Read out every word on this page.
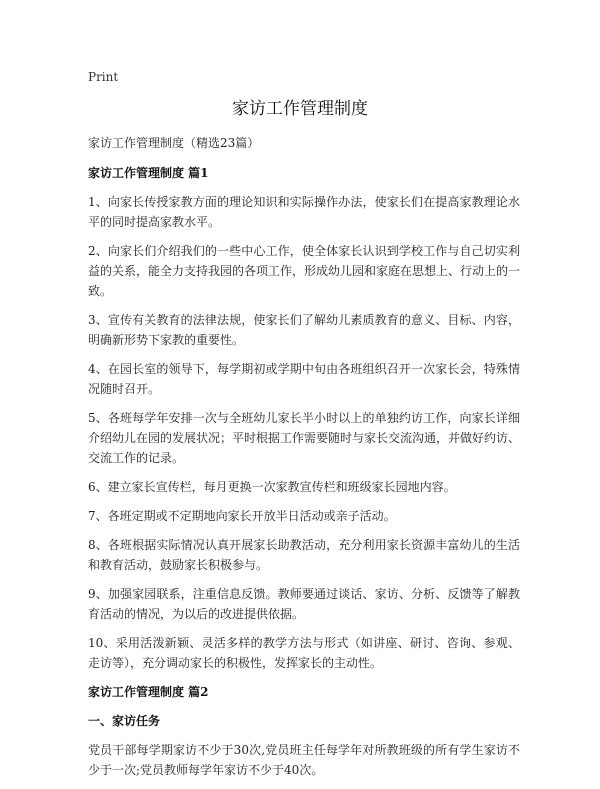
Print
家访工作管理制度

家访工作管理制度（精选23篇）

家访工作管理制度 篇1

1、向家长传授家教方面的理论知识和实际操作办法，使家长们在提高家教理论水平的同时提高家教水平。

2、向家长们介绍我们的一些中心工作，使全体家长认识到学校工作与自己切实利益的关系，能全力支持我园的各项工作，形成幼儿园和家庭在思想上、行动上的一致。

3、宣传有关教育的法律法规，使家长们了解幼儿素质教育的意义、目标、内容，明确新形势下家教的重要性。

4、在园长室的领导下，每学期初或学期中旬由各班组织召开一次家长会，特殊情况随时召开。

5、各班每学年安排一次与全班幼儿家长半小时以上的单独约访工作，向家长详细介绍幼儿在园的发展状况；平时根据工作需要随时与家长交流沟通，并做好约访、交流工作的记录。

6、建立家长宣传栏，每月更换一次家教宣传栏和班级家长园地内容。

7、各班定期或不定期地向家长开放半日活动或亲子活动。

8、各班根据实际情况认真开展家长助教活动，充分利用家长资源丰富幼儿的生活和教育活动，鼓励家长积极参与。

9、加强家园联系，注重信息反馈。教师要通过谈话、家访、分析、反馈等了解教育活动的情况，为以后的改进提供依据。

10、采用活泼新颖、灵活多样的教学方法与形式（如讲座、研讨、咨询、参观、走访等），充分调动家长的积极性，发挥家长的主动性。

家访工作管理制度 篇2

一、家访任务

党员干部每学期家访不少于30次,党员班主任每学年对所教班级的所有学生家访不少于一次;党员教师每学年家访不少于40次。
